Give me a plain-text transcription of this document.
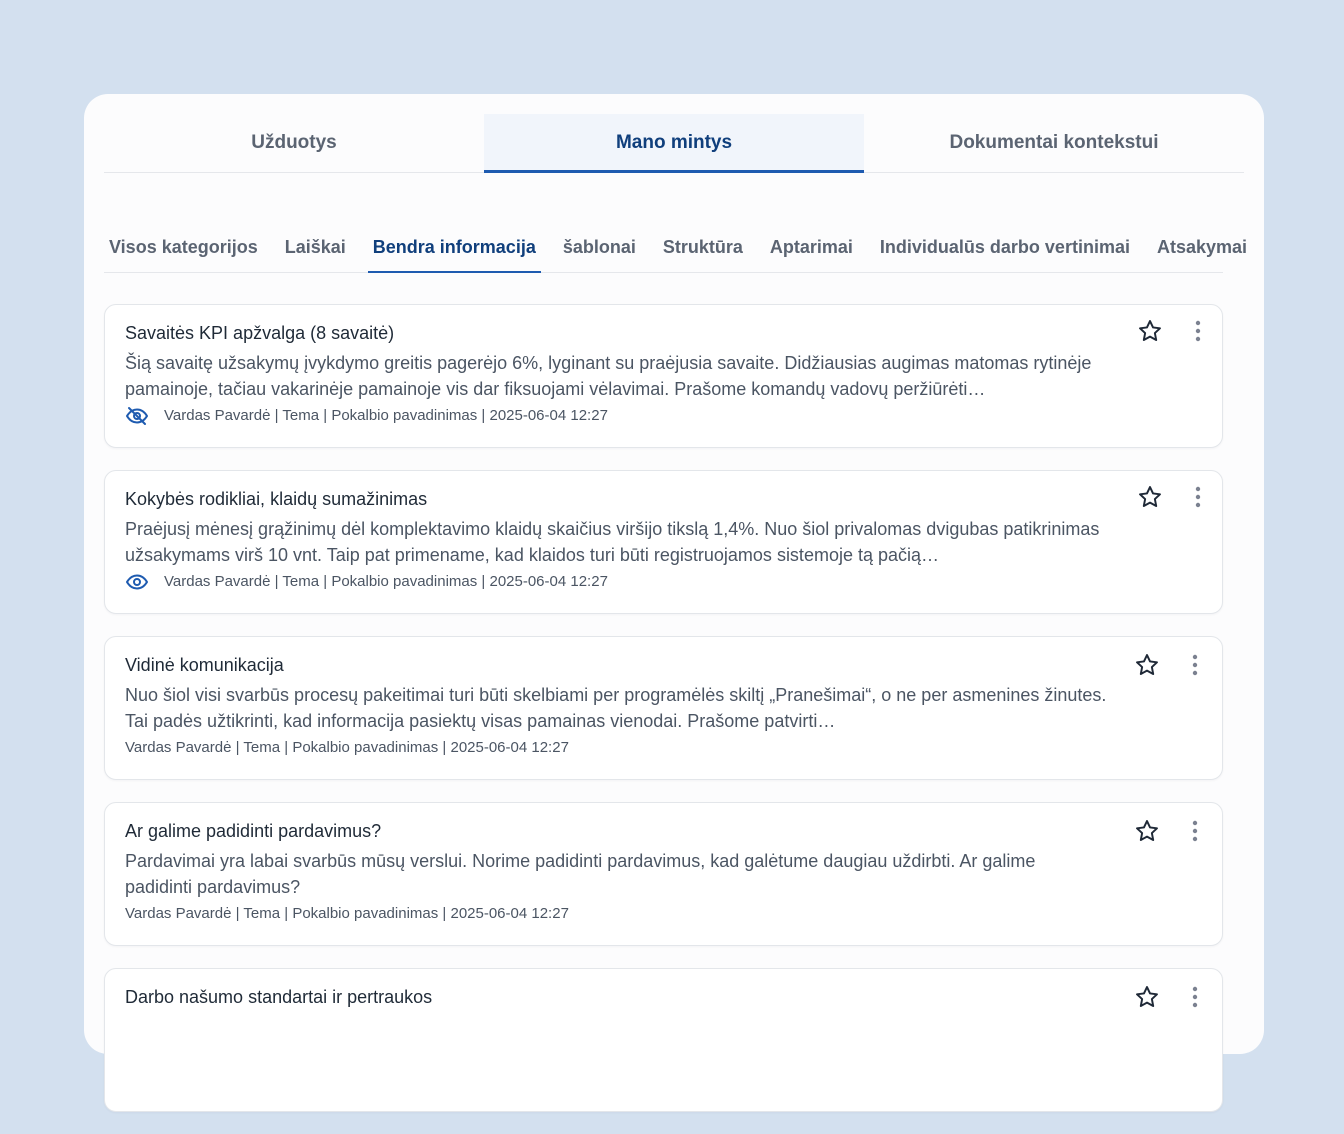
Užduotys	Mano mintys	Dokumentai kontekstui
Visos kategorijos Laiškai Bendra informacija šablonai Struktūra Aptarimai Individualūs darbo vertinimai Atsakymai
Savaitės KPI apžvalga (8 savaitė)
Šią savaitę užsakymų įvykdymo greitis pagerėjo 6%, lyginant su praėjusia savaite. Didžiausias augimas matomas rytinėje pamainoje, tačiau vakarinėje pamainoje vis dar fiksuojami vėlavimai. Prašome komandų vadovų peržiūrėti…
Vardas Pavardė | Tema | Pokalbio pavadinimas | 2025-06-04 12:27
Kokybės rodikliai, klaidų sumažinimas
Praėjusį mėnesį grąžinimų dėl komplektavimo klaidų skaičius viršijo tikslą 1,4%. Nuo šiol privalomas dvigubas patikrinimas užsakymams virš 10 vnt. Taip pat primename, kad klaidos turi būti registruojamos sistemoje tą pačią…
Vardas Pavardė | Tema | Pokalbio pavadinimas | 2025-06-04 12:27
Vidinė komunikacija
Nuo šiol visi svarbūs procesų pakeitimai turi būti skelbiami per programėlės skiltį „Pranešimai“, o ne per asmenines žinutes. Tai padės užtikrinti, kad informacija pasiektų visas pamainas vienodai. Prašome patvirti…
Vardas Pavardė | Tema | Pokalbio pavadinimas | 2025-06-04 12:27
Ar galime padidinti pardavimus?
Pardavimai yra labai svarbūs mūsų verslui. Norime padidinti pardavimus, kad galėtume daugiau uždirbti. Ar galime padidinti pardavimus?
Vardas Pavardė | Tema | Pokalbio pavadinimas | 2025-06-04 12:27
Darbo našumo standartai ir pertraukos
